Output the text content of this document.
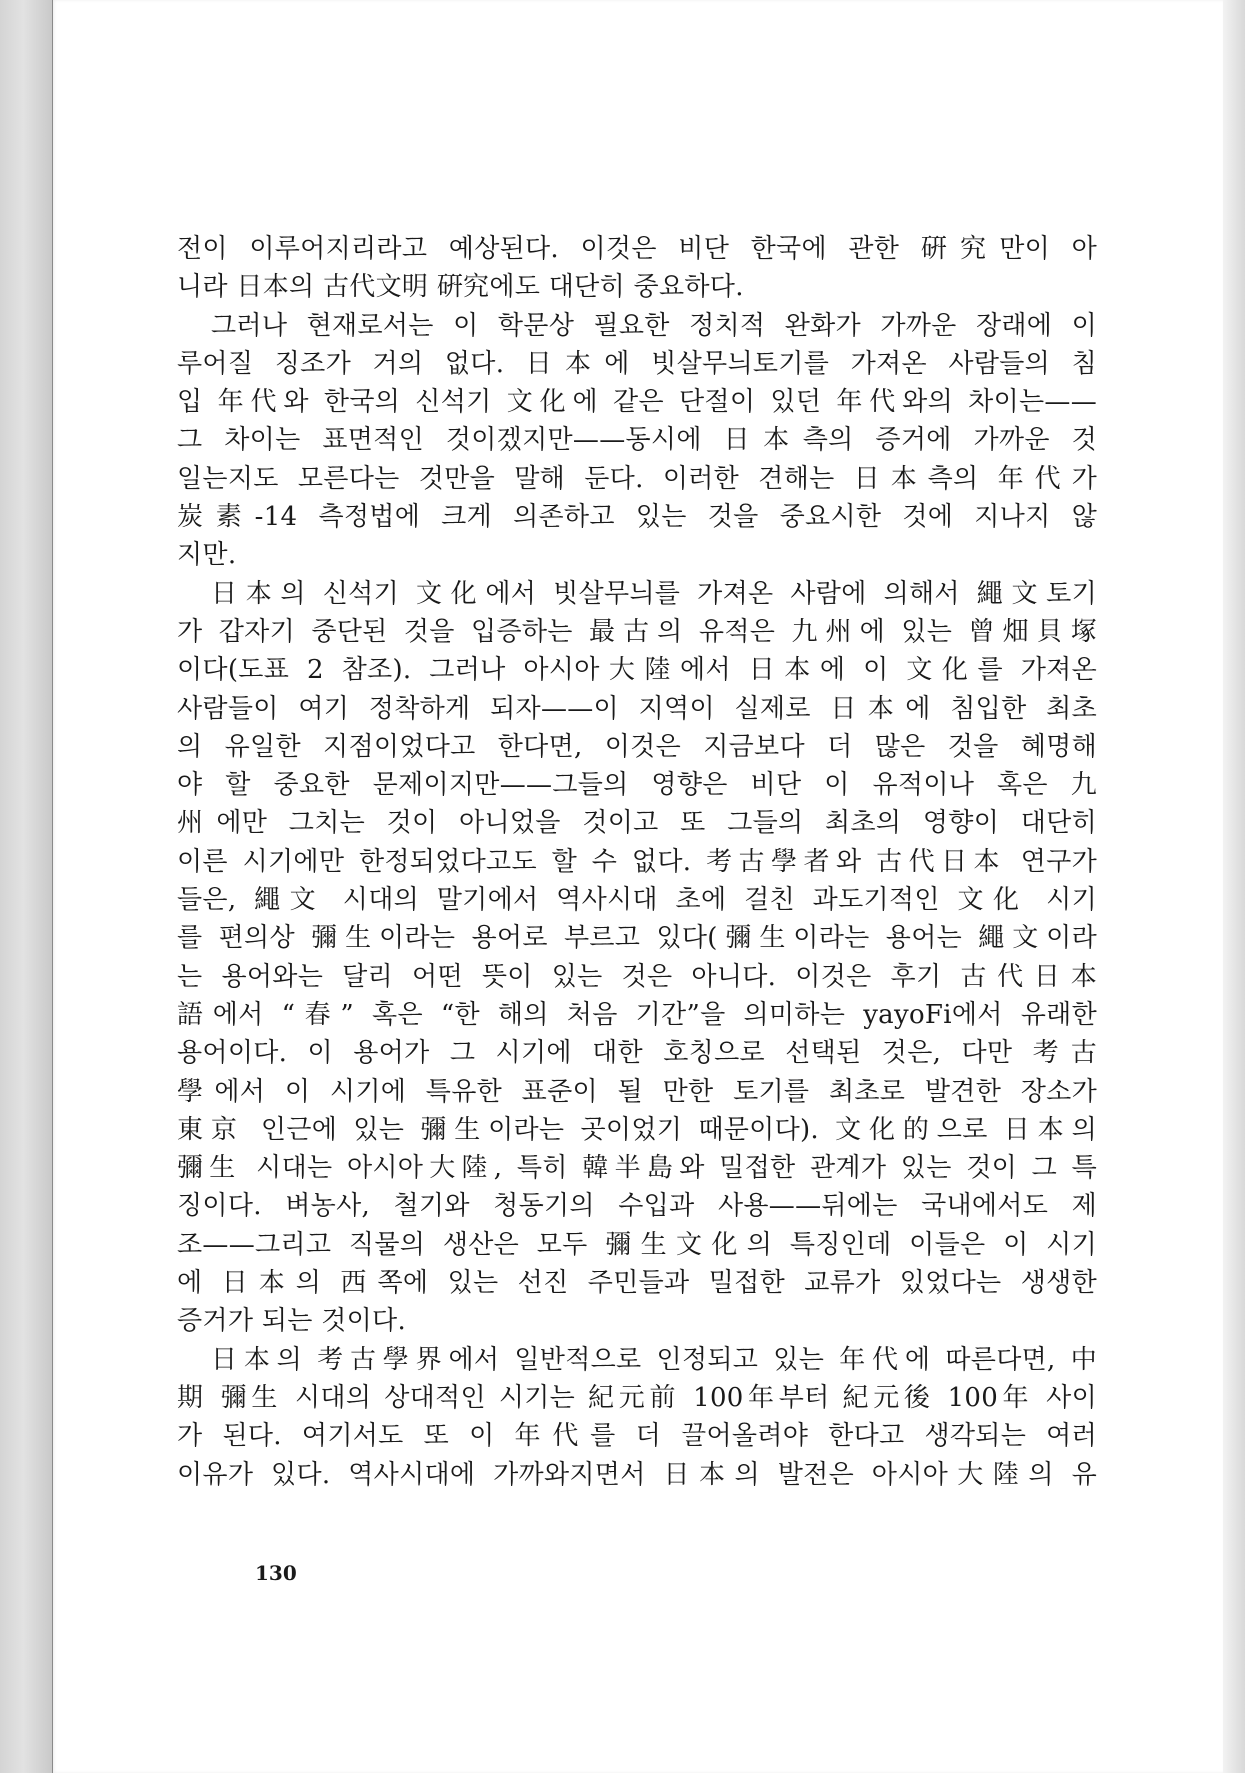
전이 이루어지리라고 예상된다. 이것은 비단 한국에 관한 硏究만이 아
니라 日本의 古代文明 硏究에도 대단히 중요하다.
그러나 현재로서는 이 학문상 필요한 정치적 완화가 가까운 장래에 이
루어질 징조가 거의 없다. 日本에 빗살무늬토기를 가져온 사람들의 침
입 年代와 한국의 신석기 文化에 같은 단절이 있던 年代와의 차이는——
그 차이는 표면적인 것이겠지만——동시에 日本측의 증거에 가까운 것
일는지도 모른다는 것만을 말해 둔다. 이러한 견해는 日本측의 年代가
炭素-14 측정법에 크게 의존하고 있는 것을 중요시한 것에 지나지 않
지만.
日本의 신석기 文化에서 빗살무늬를 가져온 사람에 의해서 繩文토기
가 갑자기 중단된 것을 입증하는 最古의 유적은 九州에 있는 曾畑貝塚
이다(도표 2 참조). 그러나 아시아大陸에서 日本에 이 文化를 가져온
사람들이 여기 정착하게 되자——이 지역이 실제로 日本에 침입한 최초
의 유일한 지점이었다고 한다면, 이것은 지금보다 더 많은 것을 혜명해
야 할 중요한 문제이지만——그들의 영향은 비단 이 유적이나 혹은 九
州에만 그치는 것이 아니었을 것이고 또 그들의 최초의 영향이 대단히
이른 시기에만 한정되었다고도 할 수 없다. 考古學者와 古代日本 연구가
들은, 繩文 시대의 말기에서 역사시대 초에 걸친 과도기적인 文化 시기
를 편의상 彌生이라는 용어로 부르고 있다(彌生이라는 용어는 繩文이라
는 용어와는 달리 어떤 뜻이 있는 것은 아니다. 이것은 후기 古代日本
語에서 “春” 혹은 “한 해의 처음 기간”을 의미하는 yayoFi에서 유래한
용어이다. 이 용어가 그 시기에 대한 호칭으로 선택된 것은, 다만 考古
學에서 이 시기에 특유한 표준이 될 만한 토기를 최초로 발견한 장소가
東京 인근에 있는 彌生이라는 곳이었기 때문이다). 文化的으로 日本의
彌生 시대는 아시아大陸, 특히 韓半島와 밀접한 관계가 있는 것이 그 특
징이다. 벼농사, 철기와 청동기의 수입과 사용——뒤에는 국내에서도 제
조——그리고 직물의 생산은 모두 彌生文化의 특징인데 이들은 이 시기
에 日本의 西쪽에 있는 선진 주민들과 밀접한 교류가 있었다는 생생한
증거가 되는 것이다.
日本의 考古學界에서 일반적으로 인정되고 있는 年代에 따른다면, 中
期 彌生 시대의 상대적인 시기는 紀元前 100年부터 紀元後 100年 사이
가 된다. 여기서도 또 이 年代를 더 끌어올려야 한다고 생각되는 여러
이유가 있다. 역사시대에 가까와지면서 日本의 발전은 아시아大陸의 유
130
